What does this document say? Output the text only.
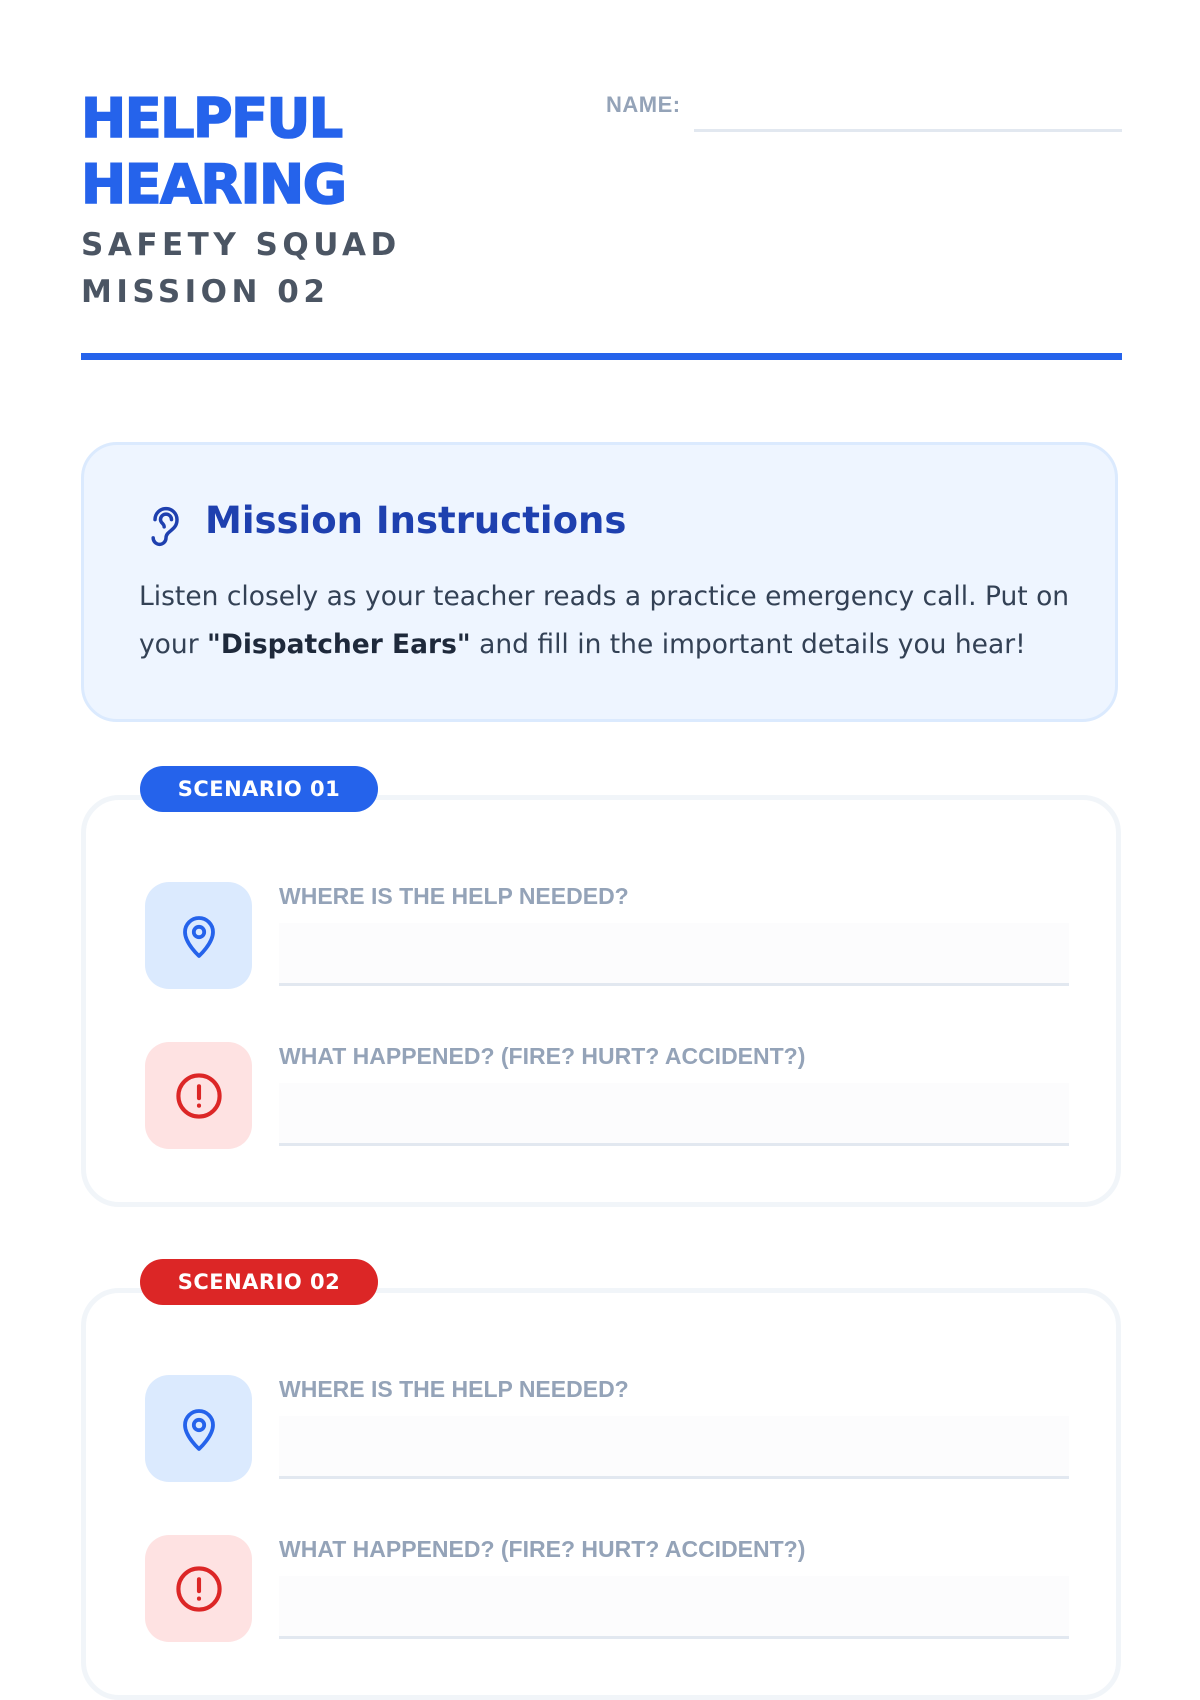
HELPFUL
HEARING

SAFETY SQUAD MISSION 02

NAME:
Mission Instructions

Listen closely as your teacher reads a practice emergency call. Put on your "Dispatcher Ears" and fill in the important details you hear!

SCENARIO 01
WHERE IS THE HELP NEEDED?
WHAT HAPPENED? (FIRE? HURT? ACCIDENT?)
SCENARIO 02
WHERE IS THE HELP NEEDED?
WHAT HAPPENED? (FIRE? HURT? ACCIDENT?)
